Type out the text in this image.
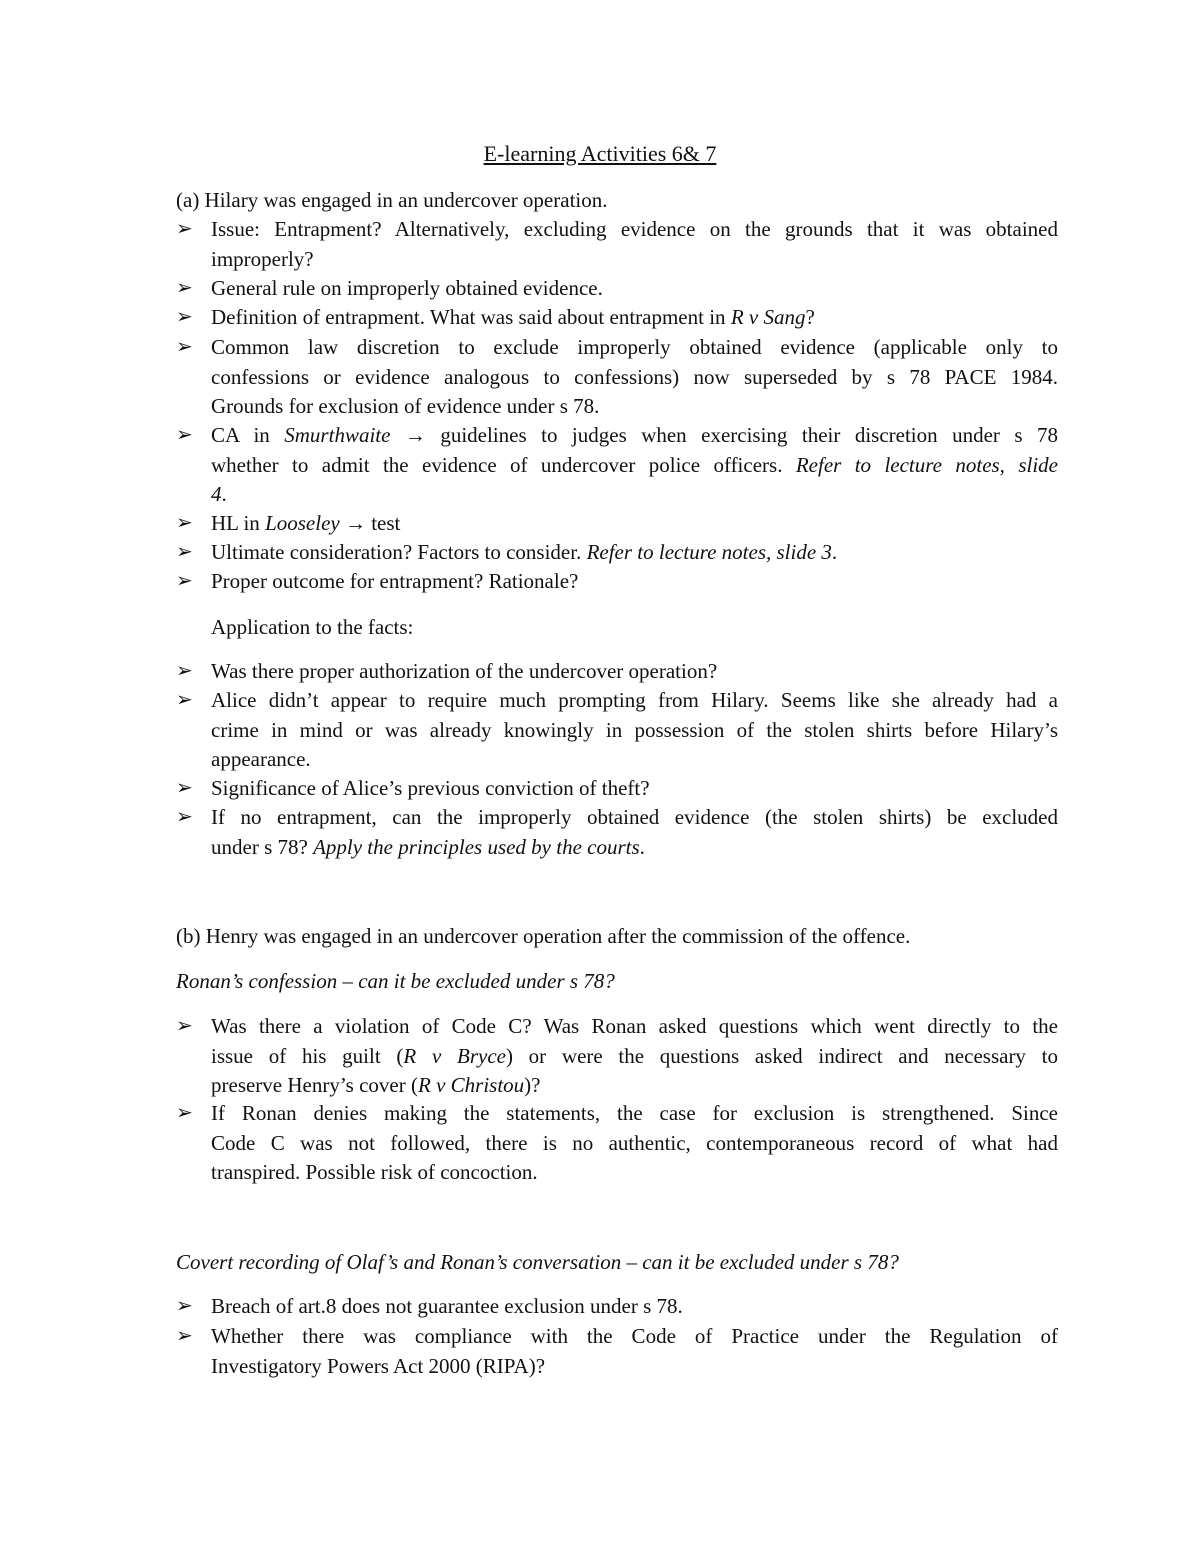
E-learning Activities 6& 7
(a) Hilary was engaged in an undercover operation.
➢ Issue: Entrapment? Alternatively, excluding evidence on the grounds that it was obtained
improperly?
➢ General rule on improperly obtained evidence.
➢ Definition of entrapment. What was said about entrapment in R v Sang?
➢ Common law discretion to exclude improperly obtained evidence (applicable only to
confessions or evidence analogous to confessions) now superseded by s 78 PACE 1984.
Grounds for exclusion of evidence under s 78.
➢ CA in Smurthwaite → guidelines to judges when exercising their discretion under s 78
whether to admit the evidence of undercover police officers. Refer to lecture notes, slide
4.
➢ HL in Looseley → test
➢ Ultimate consideration? Factors to consider. Refer to lecture notes, slide 3.
➢ Proper outcome for entrapment? Rationale?
Application to the facts:
➢ Was there proper authorization of the undercover operation?
➢ Alice didn’t appear to require much prompting from Hilary. Seems like she already had a
crime in mind or was already knowingly in possession of the stolen shirts before Hilary’s
appearance.
➢ Significance of Alice’s previous conviction of theft?
➢ If no entrapment, can the improperly obtained evidence (the stolen shirts) be excluded
under s 78? Apply the principles used by the courts.
(b) Henry was engaged in an undercover operation after the commission of the offence.
Ronan’s confession – can it be excluded under s 78?
➢ Was there a violation of Code C? Was Ronan asked questions which went directly to the
issue of his guilt (R v Bryce) or were the questions asked indirect and necessary to
preserve Henry’s cover (R v Christou)?
➢ If Ronan denies making the statements, the case for exclusion is strengthened. Since
Code C was not followed, there is no authentic, contemporaneous record of what had
transpired. Possible risk of concoction.
Covert recording of Olaf’s and Ronan’s conversation – can it be excluded under s 78?
➢ Breach of art.8 does not guarantee exclusion under s 78.
➢ Whether there was compliance with the Code of Practice under the Regulation of
Investigatory Powers Act 2000 (RIPA)?
